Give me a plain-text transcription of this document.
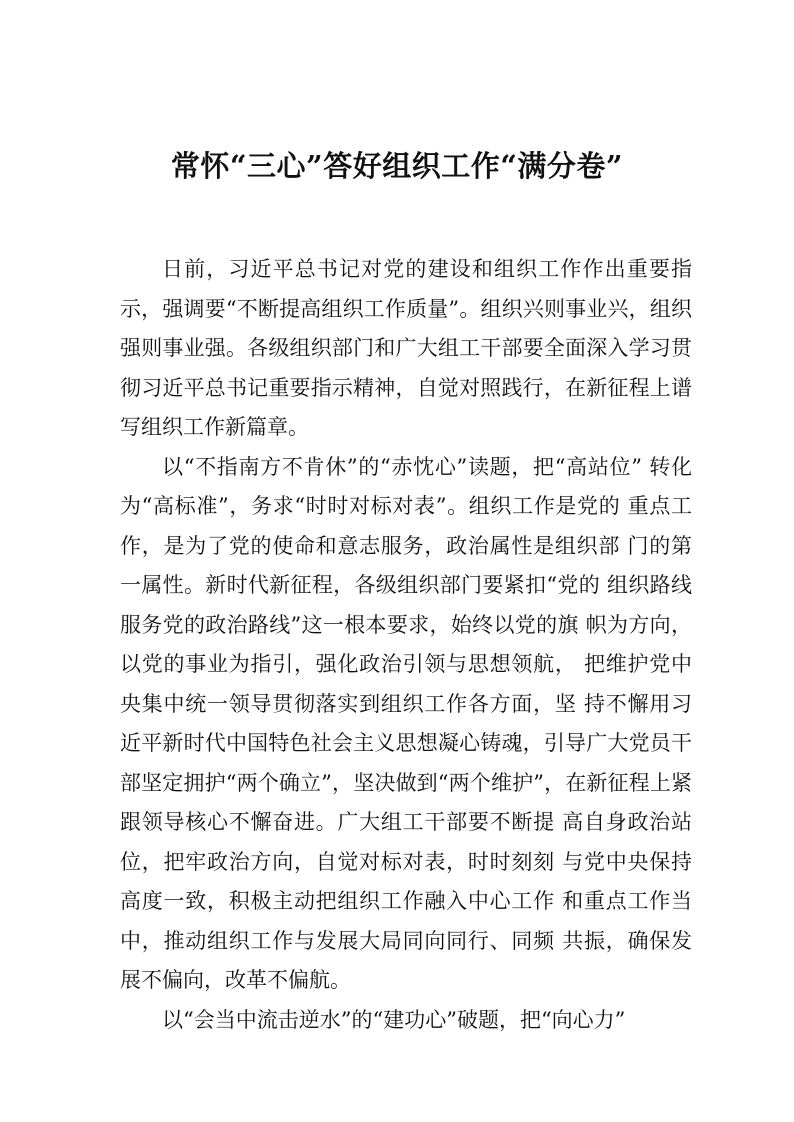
常怀“三心”答好组织工作“满分卷”

日前，习近平总书记对党的建设和组织工作作出重要指示，强调要“不断提高组织工作质量”。组织兴则事业兴，组织强则事业强。各级组织部门和广大组工干部要全面深入学习贯彻习近平总书记重要指示精神，自觉对照践行，在新征程上谱写组织工作新篇章。

以“不指南方不肯休”的“赤忱心”读题，把“高站位” 转化为“高标准”，务求“时时对标对表”。组织工作是党的 重点工作，是为了党的使命和意志服务，政治属性是组织部 门的第一属性。新时代新征程，各级组织部门要紧扣“党的 组织路线服务党的政治路线”这一根本要求，始终以党的旗 帜为方向，以党的事业为指引，强化政治引领与思想领航， 把维护党中央集中统一领导贯彻落实到组织工作各方面，坚 持不懈用习近平新时代中国特色社会主义思想凝心铸魂，引导广大党员干部坚定拥护“两个确立”，坚决做到“两个维护”，在新征程上紧跟领导核心不懈奋进。广大组工干部要不断提 高自身政治站位，把牢政治方向，自觉对标对表，时时刻刻 与党中央保持高度一致，积极主动把组织工作融入中心工作 和重点工作当中，推动组织工作与发展大局同向同行、同频 共振，确保发展不偏向，改革不偏航。

以“会当中流击逆水”的“建功心”破题，把“向心力”
